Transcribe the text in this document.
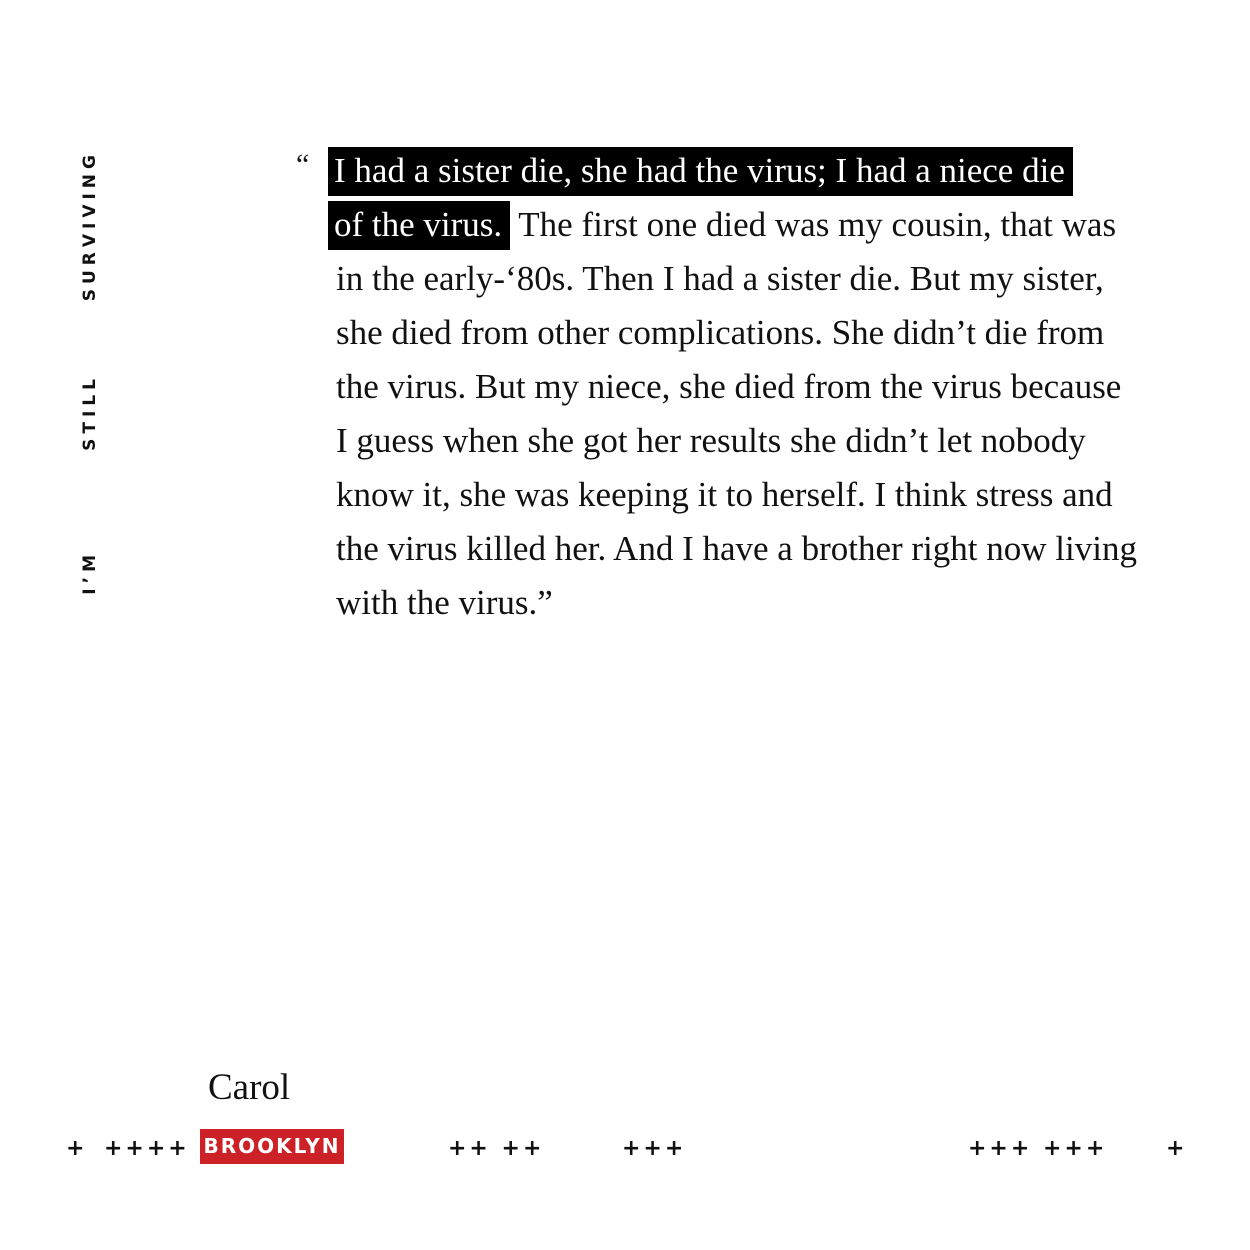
SURVIVING
STILL
I’M
“ I had a sister die, she had the virus; I had a niece die
of the virus. The first one died was my cousin, that was
in the early-‘80s. Then I had a sister die. But my sister,
she died from other complications. She didn’t die from
the virus. But my niece, she died from the virus because
I guess when she got her results she didn’t let nobody
know it, she was keeping it to herself. I think stress and
the virus killed her. And I have a brother right now living
with the virus.”
Carol
+ ++++ BROOKLYN	++ ++	+++	+++ +++	+
